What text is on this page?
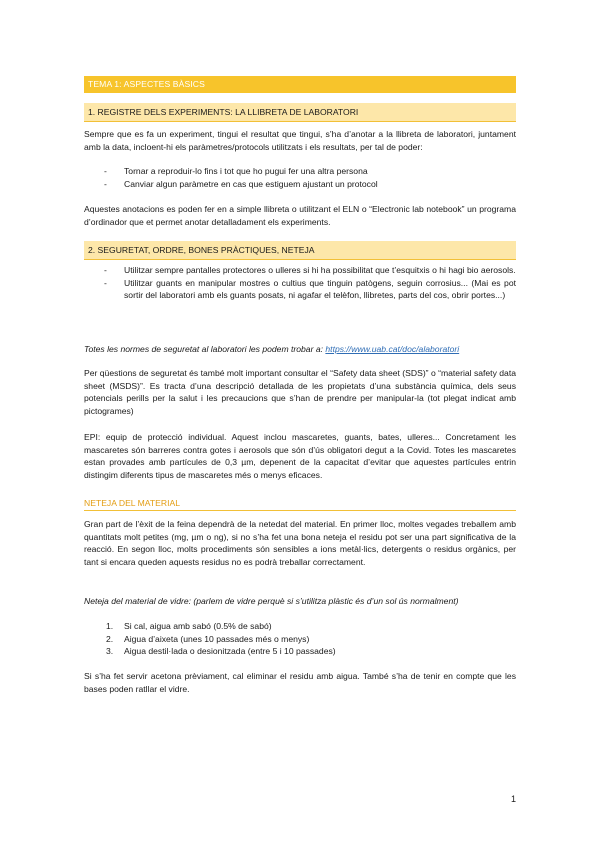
TEMA 1: ASPECTES BÀSICS
1. REGISTRE DELS EXPERIMENTS: LA LLIBRETA DE LABORATORI

Sempre que es fa un experiment, tingui el resultat que tingui, s’ha d’anotar a la llibreta de laboratori, juntament amb la data, incloent-hi els paràmetres/protocols utilitzats i els resultats, per tal de poder:

- Tornar a reproduir-lo fins i tot que ho pugui fer una altra persona
- Canviar algun paràmetre en cas que estiguem ajustant un protocol

Aquestes anotacions es poden fer en a simple llibreta o utilitzant el ELN o “Electronic lab notebook” un programa d’ordinador que et permet anotar detalladament els experiments.

2. SEGURETAT, ORDRE, BONES PRÀCTIQUES, NETEJA
- Utilitzar sempre pantalles protectores o ulleres si hi ha possibilitat que t’esquitxis o hi hagi bio aerosols.
- Utilitzar guants en manipular mostres o cultius que tinguin patògens, seguin corrosius... (Mai es pot sortir del laboratori amb els guants posats, ni agafar el telèfon, llibretes, parts del cos, obrir portes...)

Totes les normes de seguretat al laboratori les podem trobar a: https://www.uab.cat/doc/alaboratori

Per qüestions de seguretat és també molt important consultar el “Safety data sheet (SDS)” o “material safety data sheet (MSDS)”. Es tracta d’una descripció detallada de les propietats d’una substància química, dels seus potencials perills per la salut i les precaucions que s’han de prendre per manipular-la (tot plegat indicat amb pictogrames)

EPI: equip de protecció individual. Aquest inclou mascaretes, guants, bates, ulleres... Concretament les mascaretes són barreres contra gotes i aerosols que són d’ús obligatori degut a la Covid. Totes les mascaretes estan provades amb partícules de 0,3 µm, depenent de la capacitat d’evitar que aquestes partícules entrin distingim diferents tipus de mascaretes més o menys eficaces.

NETEJA DEL MATERIAL

Gran part de l’èxit de la feina dependrà de la netedat del material. En primer lloc, moltes vegades treballem amb quantitats molt petites (mg, µm o ng), si no s’ha fet una bona neteja el residu pot ser una part significativa de la reacció. En segon lloc, molts procediments són sensibles a ions metàl·lics, detergents o residus orgànics, per tant si encara queden aquests residus no es podrà treballar correctament.

Neteja del material de vidre: (parlem de vidre perquè si s’utilitza plàstic és d’un sol ús normalment)

1. Si cal, aigua amb sabó (0.5% de sabó)
2. Aigua d’aixeta (unes 10 passades més o menys)
3. Aigua destil·lada o desionitzada (entre 5 i 10 passades)

Si s’ha fet servir acetona prèviament, cal eliminar el residu amb aigua. També s’ha de tenir en compte que les bases poden ratllar el vidre.

1
